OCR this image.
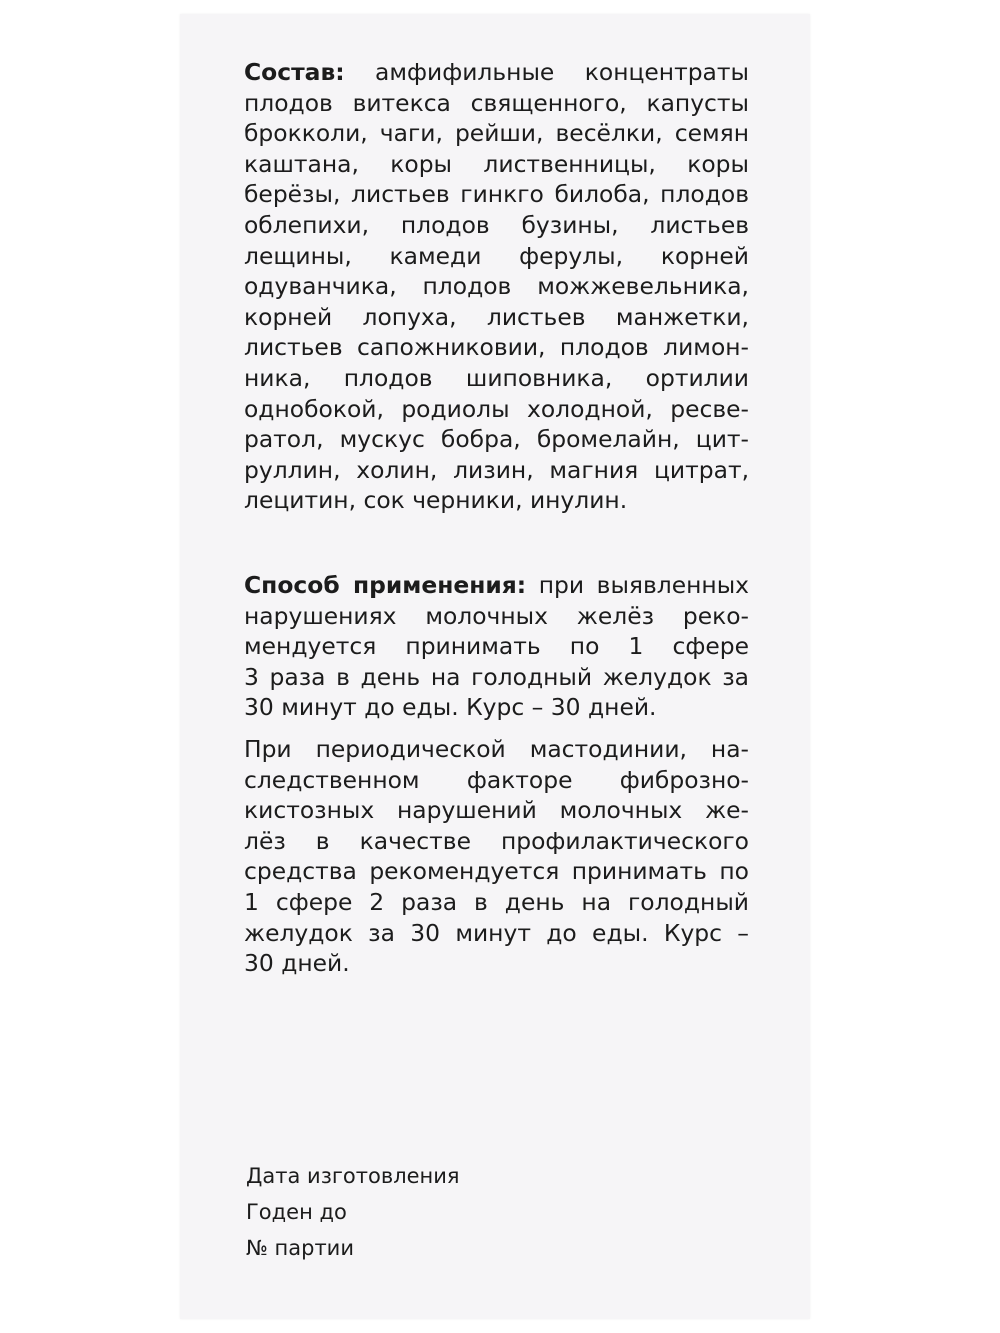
Состав: амфифильные концентраты
плодов витекса священного, капусты
брокколи, чаги, рейши, весёлки, семян
каштана, коры лиственницы, коры
берёзы, листьев гинкго билоба, плодов
облепихи, плодов бузины, листьев
лещины, камеди ферулы, корней
одуванчика, плодов можжевельника,
корней лопуха, листьев манжетки,
листьев сапожниковии, плодов лимон-
ника, плодов шиповника, ортилии
однобокой, родиолы холодной, ресве-
ратол, мускус бобра, бромелайн, цит-
руллин, холин, лизин, магния цитрат,
лецитин, сок черники, инулин.
Способ применения: при выявленных
нарушениях молочных желёз реко-
мендуется принимать по 1 сфере
3 раза в день на голодный желудок за
30 минут до еды. Курс – 30 дней.
При периодической мастодинии, на-
следственном факторе фиброзно-
кистозных нарушений молочных же-
лёз в качестве профилактического
средства рекомендуется принимать по
1 сфере 2 раза в день на голодный
желудок за 30 минут до еды. Курс –
30 дней.
Дата изготовления
Годен до
№ партии
